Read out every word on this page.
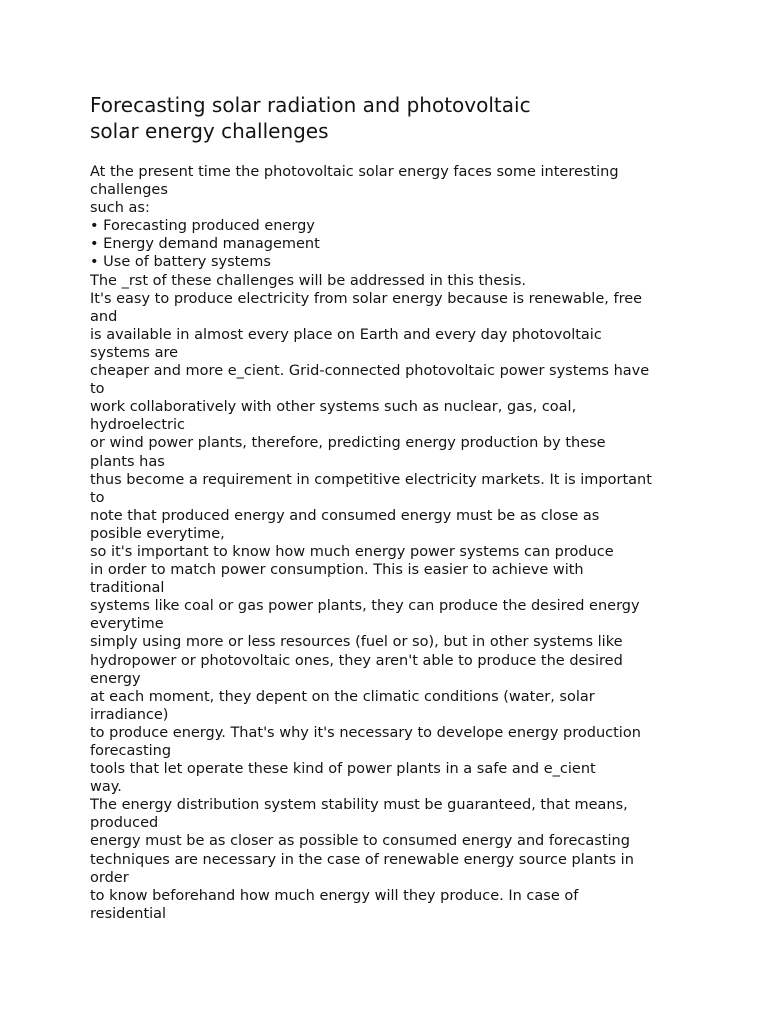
Forecasting solar radiation and photovoltaic
solar energy challenges
At the present time the photovoltaic solar energy faces some interesting
challenges
such as:
• Forecasting produced energy
• Energy demand management
• Use of battery systems
The _rst of these challenges will be addressed in this thesis.
It's easy to produce electricity from solar energy because is renewable, free
and
is available in almost every place on Earth and every day photovoltaic
systems are
cheaper and more e_cient. Grid-connected photovoltaic power systems have
to
work collaboratively with other systems such as nuclear, gas, coal,
hydroelectric
or wind power plants, therefore, predicting energy production by these
plants has
thus become a requirement in competitive electricity markets. It is important
to
note that produced energy and consumed energy must be as close as
posible everytime,
so it's important to know how much energy power systems can produce
in order to match power consumption. This is easier to achieve with
traditional
systems like coal or gas power plants, they can produce the desired energy
everytime
simply using more or less resources (fuel or so), but in other systems like
hydropower or photovoltaic ones, they aren't able to produce the desired
energy
at each moment, they depent on the climatic conditions (water, solar
irradiance)
to produce energy. That's why it's necessary to develope energy production
forecasting
tools that let operate these kind of power plants in a safe and e_cient
way.
The energy distribution system stability must be guaranteed, that means,
produced
energy must be as closer as possible to consumed energy and forecasting
techniques are necessary in the case of renewable energy source plants in
order
to know beforehand how much energy will they produce. In case of
residential
